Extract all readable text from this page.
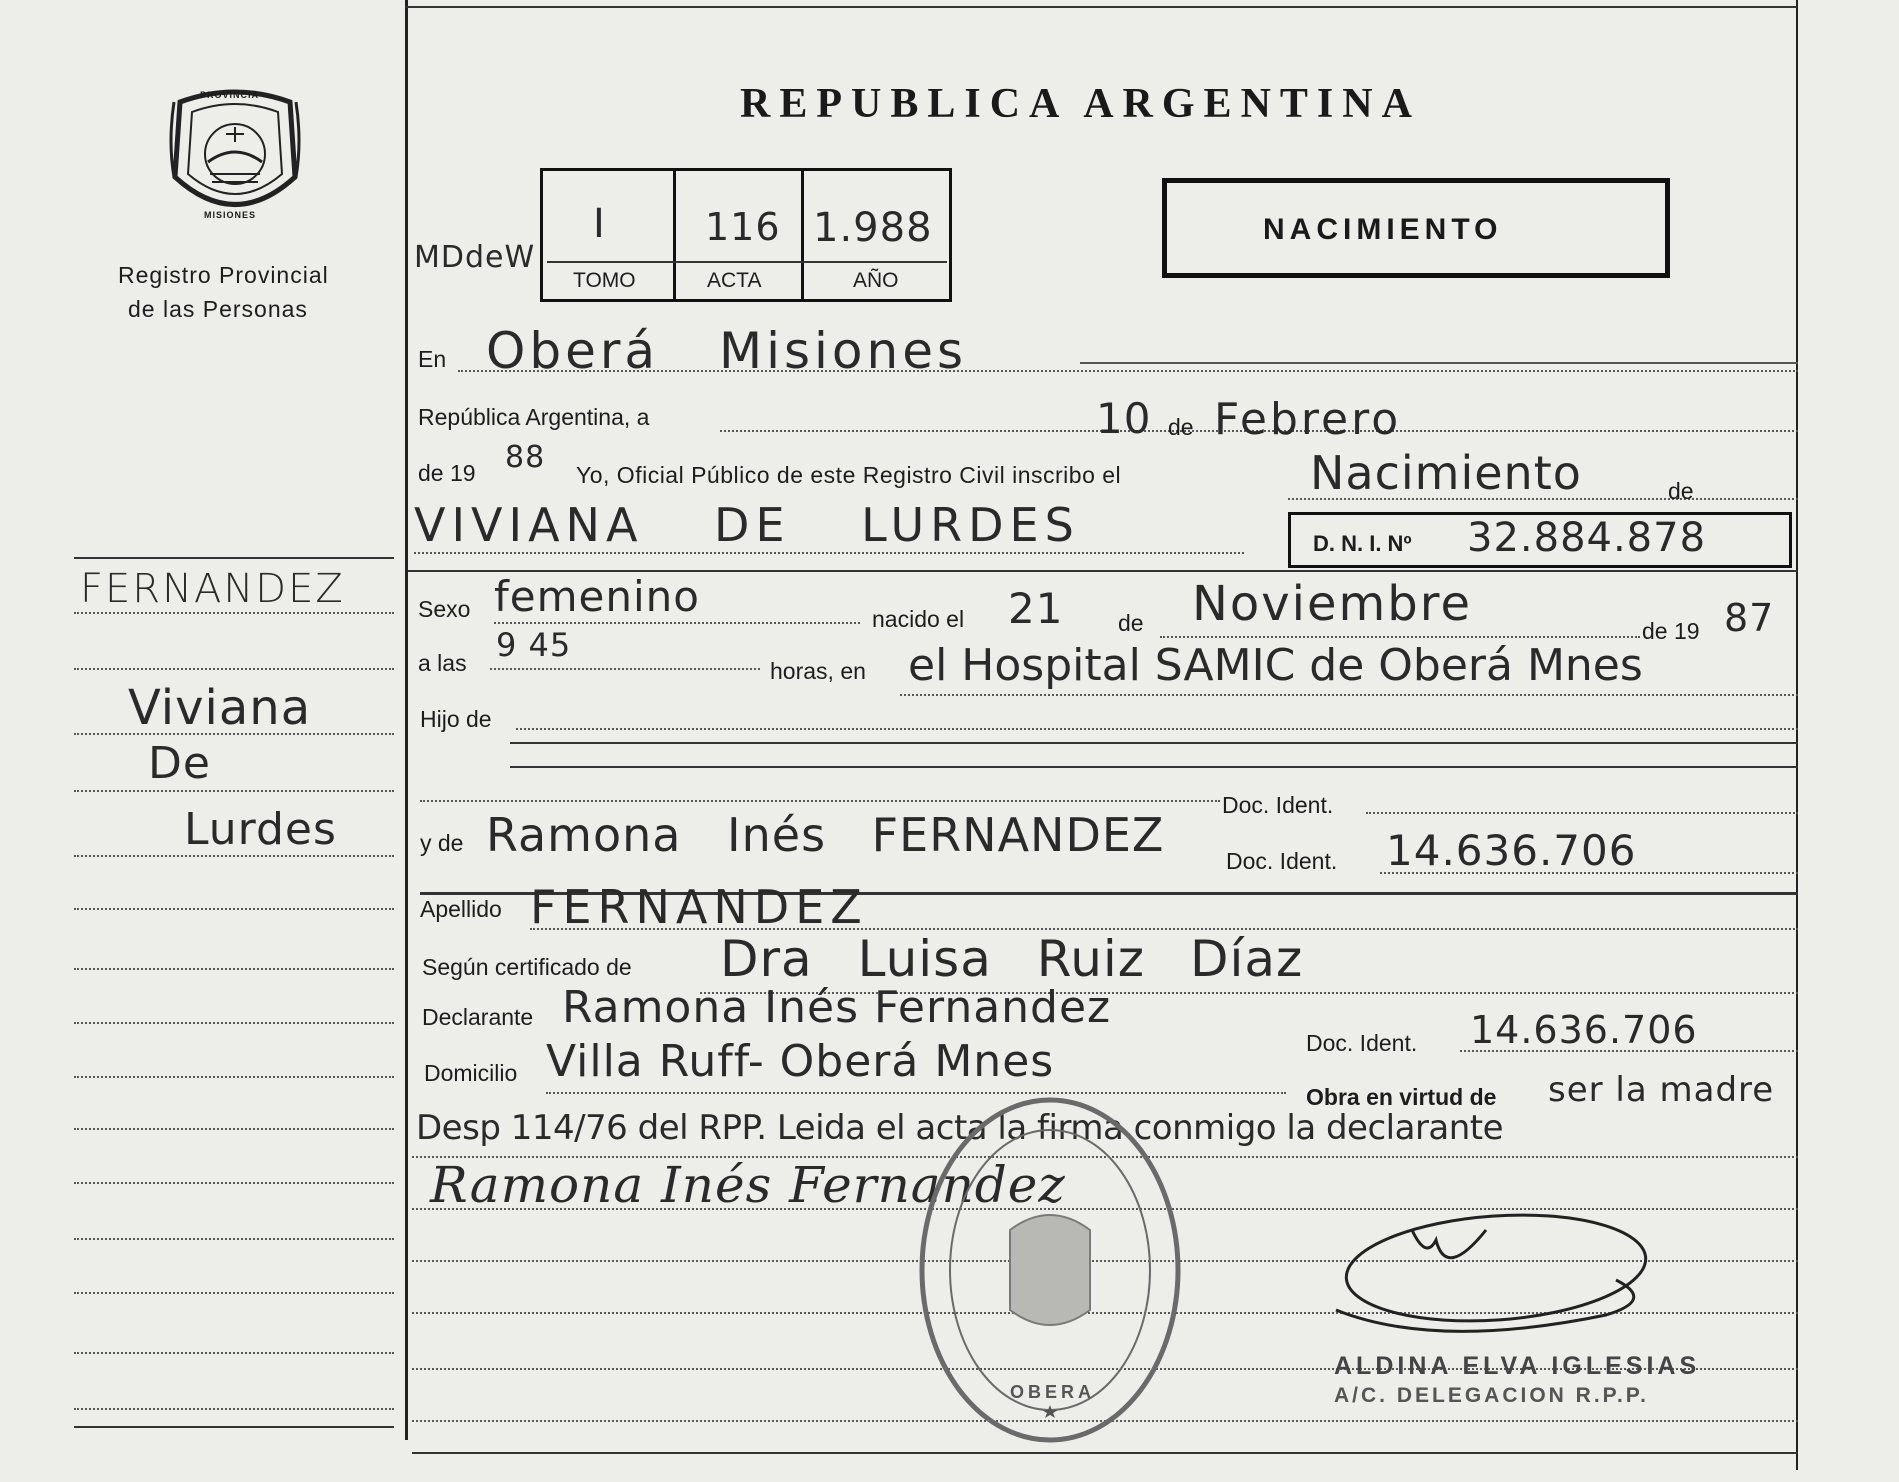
PROVINCIA
MISIONES
Registro Provincial
de las Personas
FERNANDEZ
Viviana
De
Lurdes
REPUBLICA ARGENTINA
MDdeW
I	116 1.988
TOMO	ACTA	AÑO
NACIMIENTO
En Oberá Misiones
República Argentina, a	10 de Febrero
de 19 88 Yo, Oficial Público de este Registro Civil inscribo el	Nacimiento	de
VIVIANA DE LURDES	D. N. I. Nº 32.884.878
Sexo femenino	nacido el 21 de Noviembre	de 19 87
a las 9 45
horas, en el Hospital SAMIC de Oberá Mnes
Hijo de
Doc. Ident.
y de Ramona Inés FERNANDEZ	Doc. Ident. 14.636.706
Apellido FERNANDEZ
Según certificado de Dra Luisa Ruiz Díaz
Declarante Ramona Inés Fernandez
Doc. Ident. 14.636.706
Domicilio Villa Ruff- Oberá Mnes
Obra en virtud de ser la madre
Desp 114/76 del RPP. Leida el acta la firma conmigo la declarante
Ramona Inés Fernandez
OBERA
ALDINA ELVA IGLESIAS
A/C. DELEGACION R.P.P.
